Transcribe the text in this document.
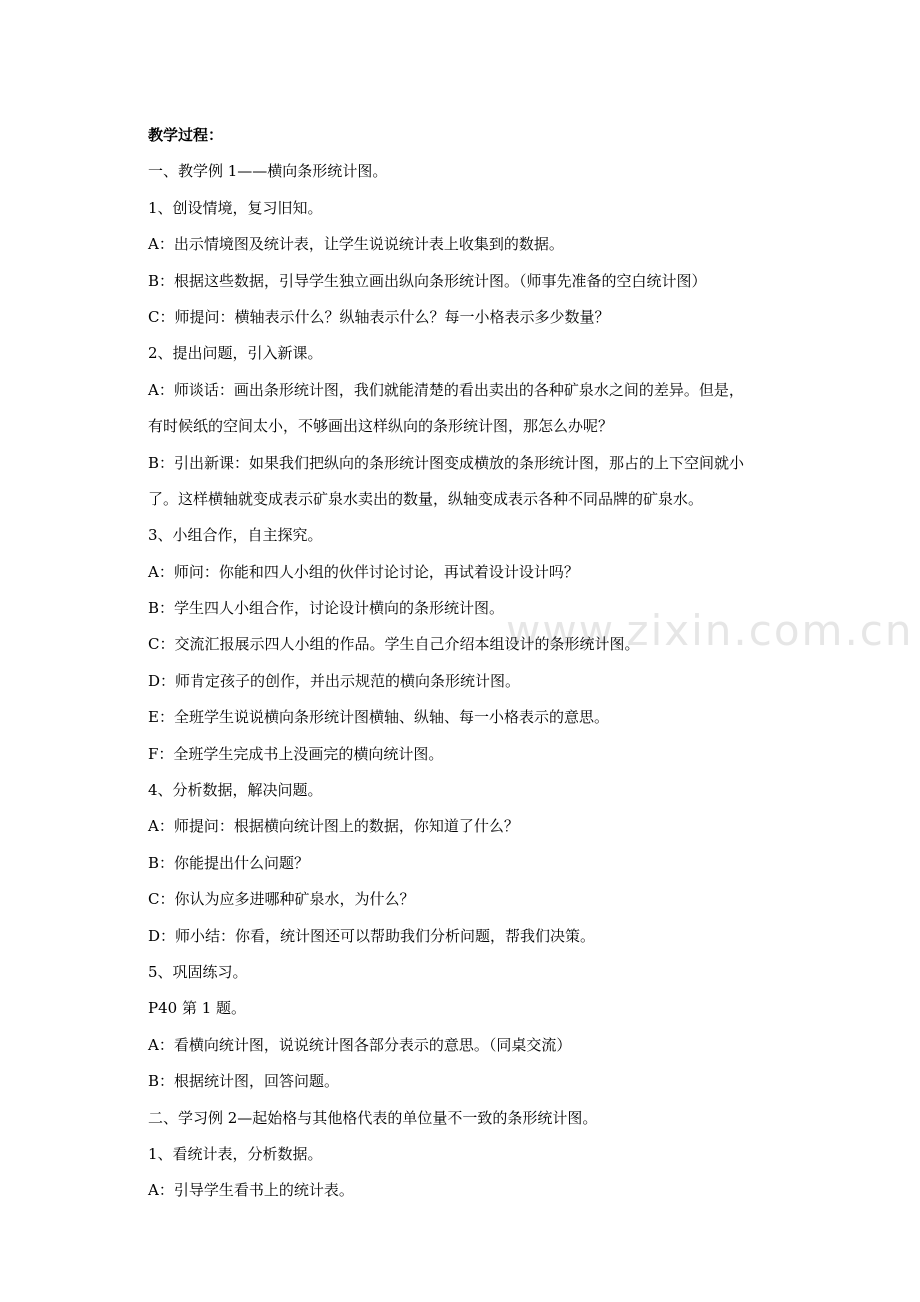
www.zixin.com.cn
教学过程：
一、教学例 1——横向条形统计图。
1、创设情境，复习旧知。
A：出示情境图及统计表，让学生说说统计表上收集到的数据。
B：根据这些数据，引导学生独立画出纵向条形统计图。（师事先准备的空白统计图）
C：师提问：横轴表示什么？纵轴表示什么？每一小格表示多少数量？
2、提出问题，引入新课。
A：师谈话：画出条形统计图，我们就能清楚的看出卖出的各种矿泉水之间的差异。但是，
有时候纸的空间太小，不够画出这样纵向的条形统计图，那怎么办呢？
B：引出新课：如果我们把纵向的条形统计图变成横放的条形统计图，那占的上下空间就小
了。这样横轴就变成表示矿泉水卖出的数量，纵轴变成表示各种不同品牌的矿泉水。
3、小组合作，自主探究。
A：师问：你能和四人小组的伙伴讨论讨论，再试着设计设计吗？
B：学生四人小组合作，讨论设计横向的条形统计图。
C：交流汇报展示四人小组的作品。学生自己介绍本组设计的条形统计图。
D：师肯定孩子的创作，并出示规范的横向条形统计图。
E：全班学生说说横向条形统计图横轴、纵轴、每一小格表示的意思。
F：全班学生完成书上没画完的横向统计图。
4、分析数据，解决问题。
A：师提问：根据横向统计图上的数据，你知道了什么？
B：你能提出什么问题？
C：你认为应多进哪种矿泉水，为什么？
D：师小结：你看，统计图还可以帮助我们分析问题，帮我们决策。
5、巩固练习。
P40 第 1 题。
A：看横向统计图，说说统计图各部分表示的意思。（同桌交流）
B：根据统计图，回答问题。
二、学习例 2—起始格与其他格代表的单位量不一致的条形统计图。
1、看统计表，分析数据。
A：引导学生看书上的统计表。
